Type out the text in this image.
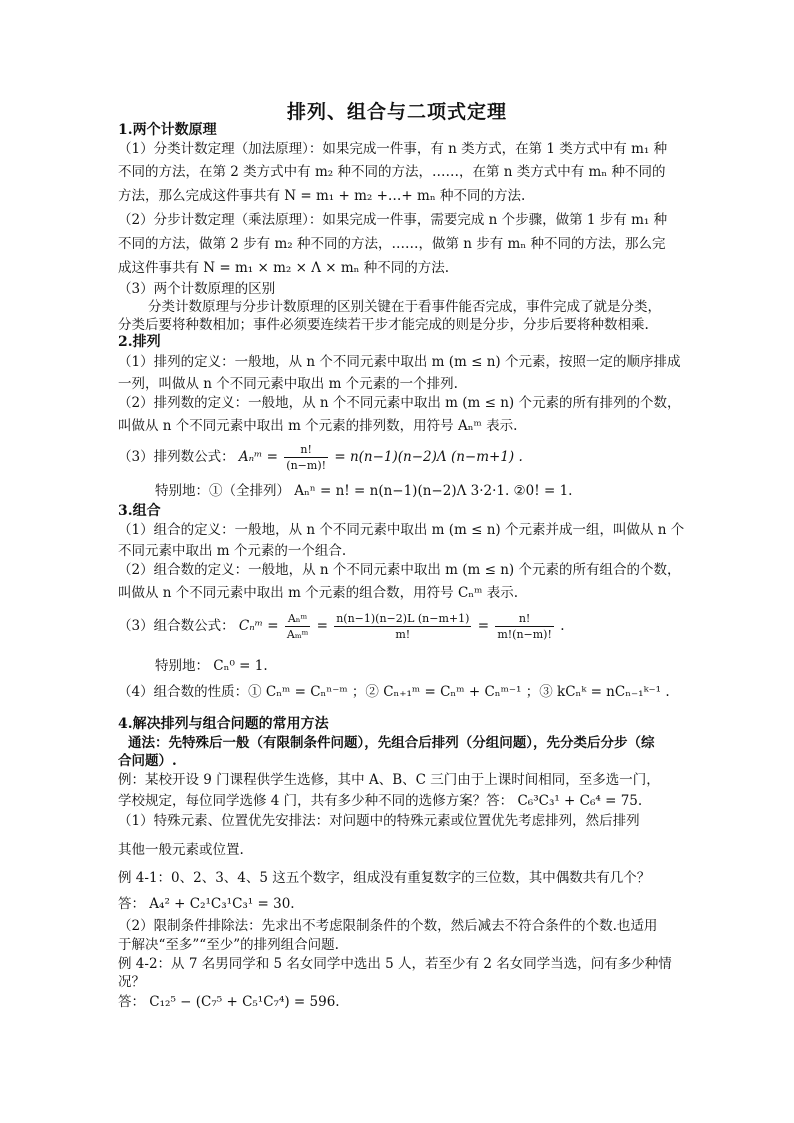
排列、组合与二项式定理
1.两个计数原理
（1）分类计数定理（加法原理）：如果完成一件事，有 n 类方式，在第 1 类方式中有 m₁ 种
不同的方法，在第 2 类方式中有 m₂ 种不同的方法，……，在第 n 类方式中有 mₙ 种不同的
方法，那么完成这件事共有 N = m₁ + m₂ +…+ mₙ 种不同的方法.
（2）分步计数定理（乘法原理）：如果完成一件事，需要完成 n 个步骤，做第 1 步有 m₁ 种
不同的方法，做第 2 步有 m₂ 种不同的方法，……，做第 n 步有 mₙ 种不同的方法，那么完
成这件事共有 N = m₁ × m₂ × Λ × mₙ 种不同的方法.
（3）两个计数原理的区别
分类计数原理与分步计数原理的区别关键在于看事件能否完成，事件完成了就是分类，
分类后要将种数相加；事件必须要连续若干步才能完成的则是分步，分步后要将种数相乘.
2.排列
（1）排列的定义：一般地，从 n 个不同元素中取出 m (m ≤ n) 个元素，按照一定的顺序排成
一列，叫做从 n 个不同元素中取出 m 个元素的一个排列.
（2）排列数的定义：一般地，从 n 个不同元素中取出 m (m ≤ n) 个元素的所有排列的个数，
叫做从 n 个不同元素中取出 m 个元素的排列数，用符号 Aₙᵐ 表示.
（3）排列数公式： Aₙᵐ = $\frac{n!}{(n-m)!} = n(n-1)(n-2)\Lambda$ (n−m+1) .
特别地：①（全排列） Aₙⁿ = n! = n(n−1)(n−2)Λ 3·2·1. ②0! = 1.
3.组合
（1）组合的定义：一般地，从 n 个不同元素中取出 m (m ≤ n) 个元素并成一组，叫做从 n 个
不同元素中取出 m 个元素的一个组合.
（2）组合数的定义：一般地，从 n 个不同元素中取出 m (m ≤ n) 个元素的所有组合的个数，
叫做从 n 个不同元素中取出 m 个元素的组合数，用符号 Cₙᵐ 表示.
（3）组合数公式： Cₙᵐ = $\frac{\text{Aₙᵐ}}{\text{Aₘᵐ}} = \frac{n(n-1)(n-2)L (n-m+1)}{m!} = \frac{n!}{m!(n-m)!}$ .
特别地： Cₙ⁰ = 1.
（4）组合数的性质：① Cₙᵐ = Cₙⁿ⁻ᵐ ；② Cₙ₊₁ᵐ = Cₙᵐ + Cₙᵐ⁻¹ ；③ kCₙᵏ = nCₙ₋₁ᵏ⁻¹ .
4.解决排列与组合问题的常用方法
通法：先特殊后一般（有限制条件问题），先组合后排列（分组问题），先分类后分步（综
合问题）.
例：某校开设 9 门课程供学生选修，其中 A、B、C 三门由于上课时间相同，至多选一门，
学校规定，每位同学选修 4 门，共有多少种不同的选修方案？答： C₆³C₃¹ + C₆⁴ = 75.
（1）特殊元素、位置优先安排法：对问题中的特殊元素或位置优先考虑排列，然后排列
其他一般元素或位置.
例 4-1：0、2、3、4、5 这五个数字，组成没有重复数字的三位数，其中偶数共有几个？
答： A₄² + C₂¹C₃¹C₃¹ = 30.
（2）限制条件排除法：先求出不考虑限制条件的个数，然后减去不符合条件的个数.也适用
于解决“至多”“至少”的排列组合问题.
例 4-2：从 7 名男同学和 5 名女同学中选出 5 人，若至少有 2 名女同学当选，问有多少种情
况？
答： C₁₂⁵ − (C₇⁵ + C₅¹C₇⁴) = 596.
